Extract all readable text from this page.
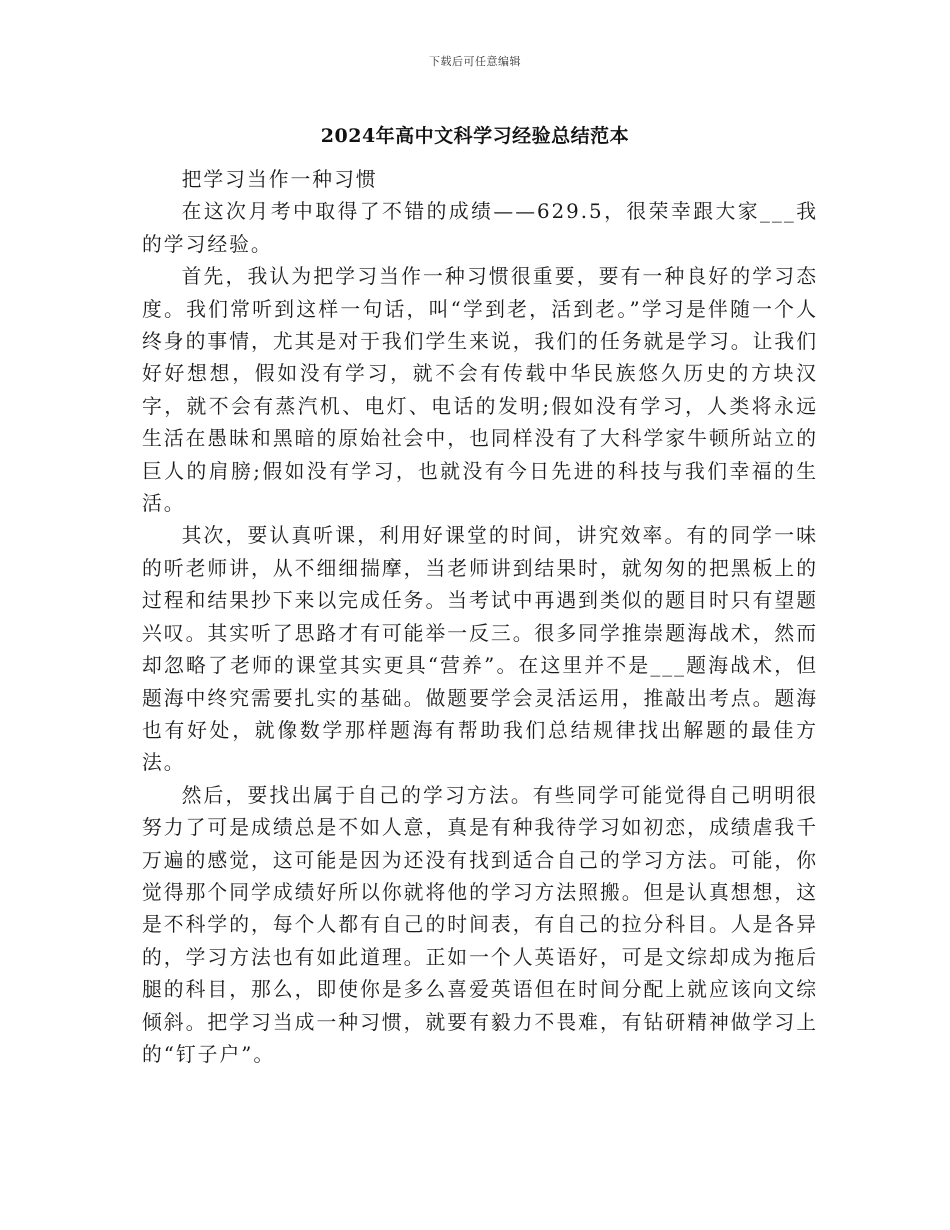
下载后可任意编辑
2024年高中文科学习经验总结范本

把学习当作一种习惯

在这次月考中取得了不错的成绩——629.5，很荣幸跟大家___我的学习经验。

首先，我认为把学习当作一种习惯很重要，要有一种良好的学习态度。我们常听到这样一句话，叫“学到老，活到老。”学习是伴随一个人终身的事情，尤其是对于我们学生来说，我们的任务就是学习。让我们好好想想，假如没有学习，就不会有传载中华民族悠久历史的方块汉字，就不会有蒸汽机、电灯、电话的发明;假如没有学习，人类将永远生活在愚昧和黑暗的原始社会中，也同样没有了大科学家牛顿所站立的巨人的肩膀;假如没有学习，也就没有今日先进的科技与我们幸福的生活。

其次，要认真听课，利用好课堂的时间，讲究效率。有的同学一味的听老师讲，从不细细揣摩，当老师讲到结果时，就匆匆的把黑板上的过程和结果抄下来以完成任务。当考试中再遇到类似的题目时只有望题兴叹。其实听了思路才有可能举一反三。很多同学推崇题海战术，然而却忽略了老师的课堂其实更具“营养”。在这里并不是___题海战术，但题海中终究需要扎实的基础。做题要学会灵活运用，推敲出考点。题海也有好处，就像数学那样题海有帮助我们总结规律找出解题的最佳方法。

然后，要找出属于自己的学习方法。有些同学可能觉得自己明明很努力了可是成绩总是不如人意，真是有种我待学习如初恋，成绩虐我千万遍的感觉，这可能是因为还没有找到适合自己的学习方法。可能，你觉得那个同学成绩好所以你就将他的学习方法照搬。但是认真想想，这是不科学的，每个人都有自己的时间表，有自己的拉分科目。人是各异的，学习方法也有如此道理。正如一个人英语好，可是文综却成为拖后腿的科目，那么，即使你是多么喜爱英语但在时间分配上就应该向文综倾斜。把学习当成一种习惯，就要有毅力不畏难，有钻研精神做学习上的“钉子户”。
